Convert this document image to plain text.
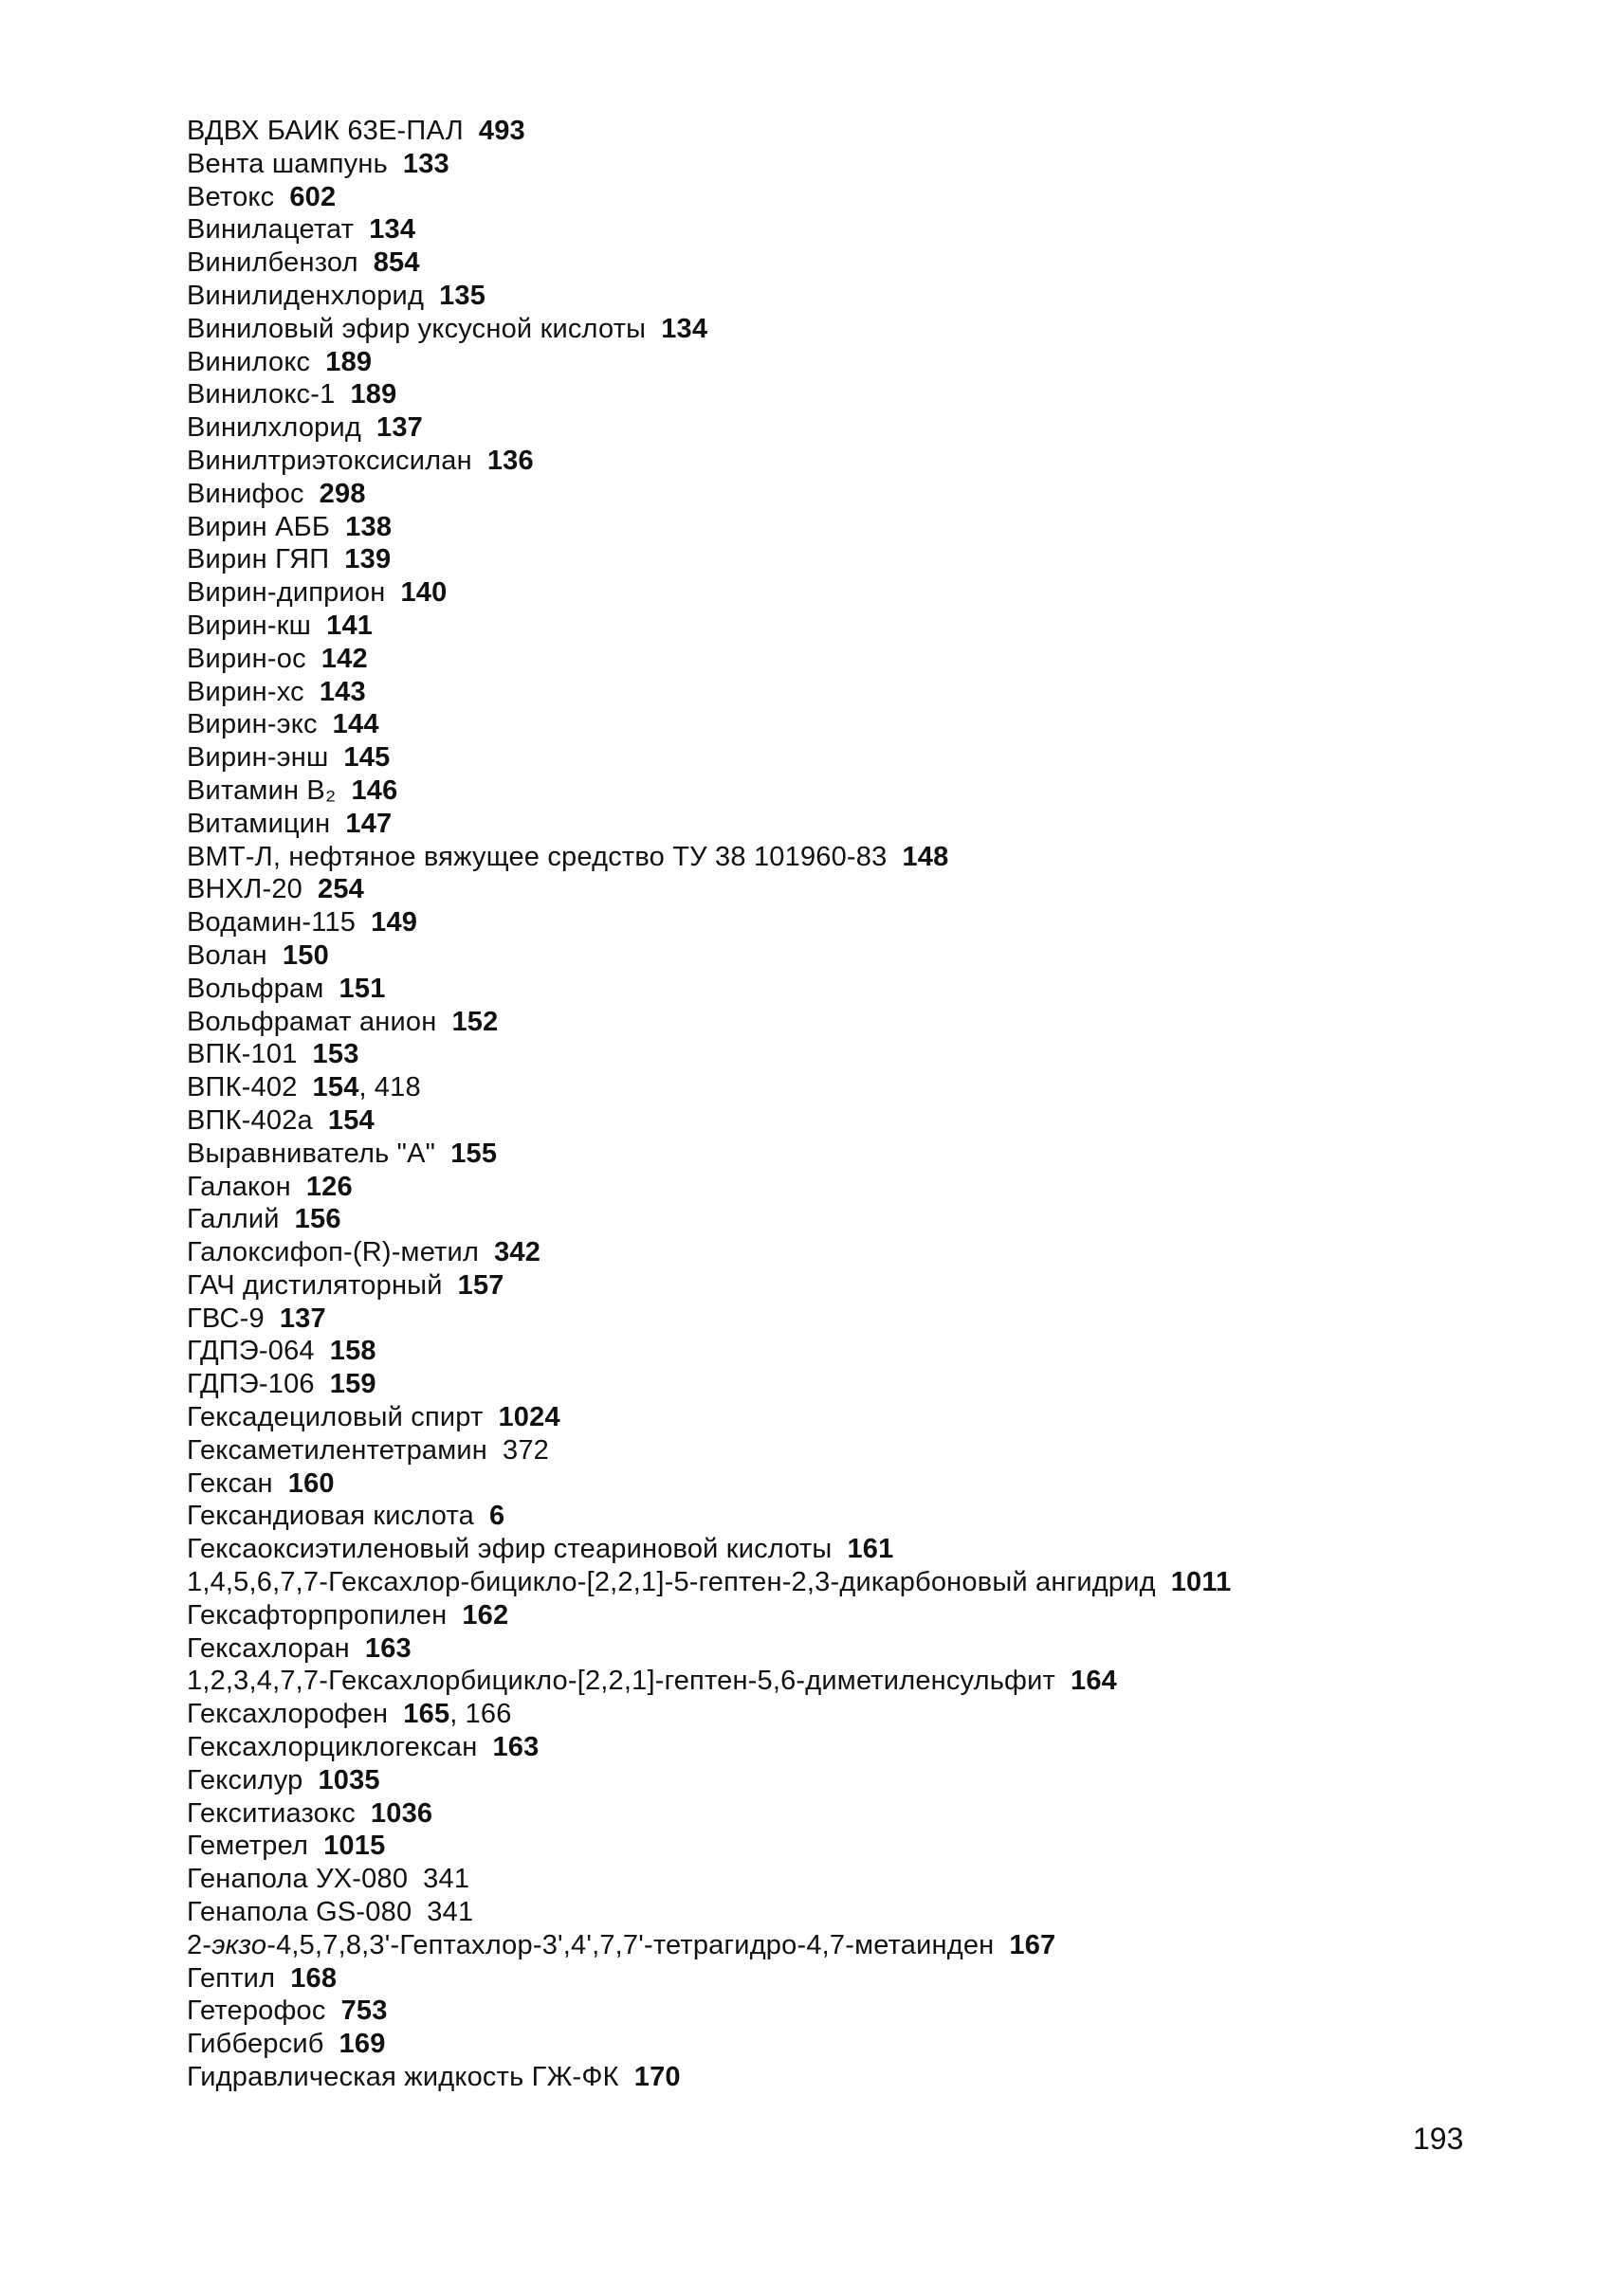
ВДВХ БАИК 63Е-ПАЛ 493
Вента шампунь 133
Ветокс 602
Винилацетат 134
Винилбензол 854
Винилиденхлорид 135
Виниловый эфир уксусной кислоты 134
Винилокс 189
Винилокс-1 189
Винилхлорид 137
Винилтриэтоксисилан 136
Винифос 298
Вирин АББ 138
Вирин ГЯП 139
Вирин-диприон 140
Вирин-кш 141
Вирин-ос 142
Вирин-хс 143
Вирин-экс 144
Вирин-энш 145
Витамин B₂ 146
Витамицин 147
ВМТ-Л, нефтяное вяжущее средство ТУ 38 101960-83 148
ВНХЛ-20 254
Водамин-115 149
Волан 150
Вольфрам 151
Вольфрамат анион 152
ВПК-101 153
ВПК-402 154, 418
ВПК-402а 154
Выравниватель "А" 155
Галакон 126
Галлий 156
Галоксифоп-(R)-метил 342
ГАЧ дистиляторный 157
ГВС-9 137
ГДПЭ-064 158
ГДПЭ-106 159
Гексадециловый спирт 1024
Гексаметилентетрамин 372
Гексан 160
Гександиовая кислота 6
Гексаоксиэтиленовый эфир стеариновой кислоты 161
1,4,5,6,7,7-Гексахлор-бицикло-[2,2,1]-5-гептен-2,3-дикарбоновый ангидрид 1011
Гексафторпропилен 162
Гексахлоран 163
1,2,3,4,7,7-Гексахлорбицикло-[2,2,1]-гептен-5,6-диметиленсульфит 164
Гексахлорофен 165, 166
Гексахлорциклогексан 163
Гексилур 1035
Гекситиазокс 1036
Геметрел 1015
Генапола УХ-080 341
Генапола GS-080 341
2-экзо-4,5,7,8,3'-Гептахлор-3',4',7,7'-тетрагидро-4,7-метаинден 167
Гептил 168
Гетерофос 753
Гибберсиб 169
Гидравлическая жидкость ГЖ-ФК 170
193
